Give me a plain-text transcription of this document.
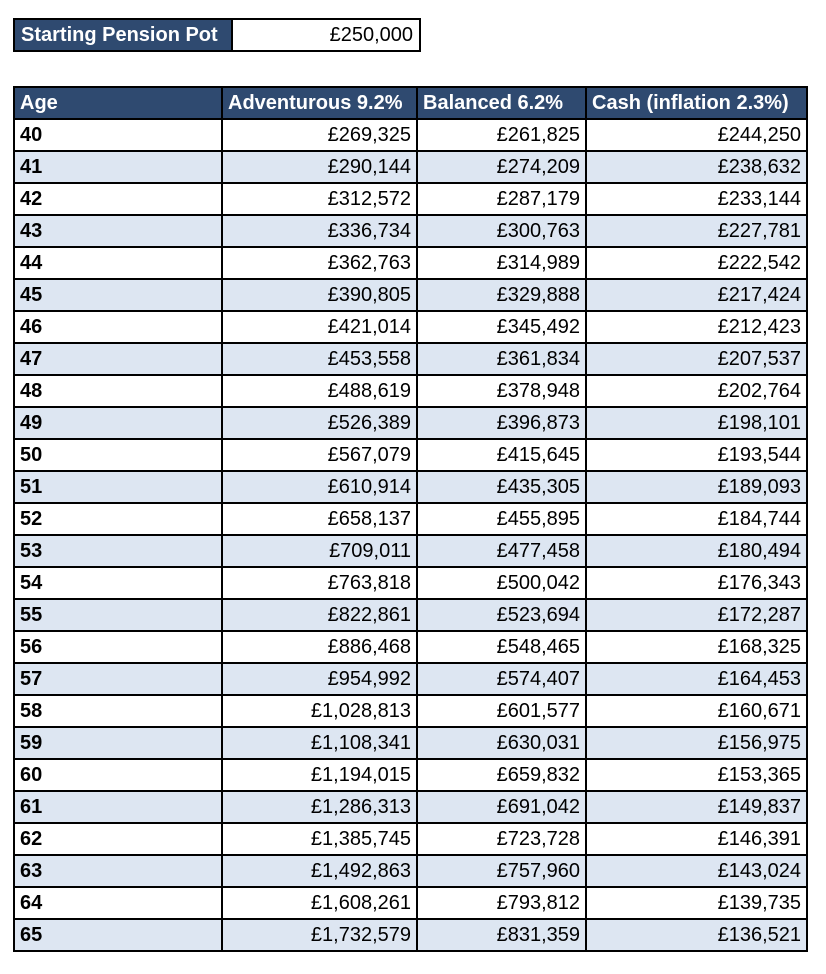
Starting Pension Pot	£250,000
Age	Adventurous 9.2%	Balanced 6.2%	Cash (inflation 2.3%)
40	£269,325	£261,825	£244,250
41	£290,144	£274,209	£238,632
42	£312,572	£287,179	£233,144
43	£336,734	£300,763	£227,781
44	£362,763	£314,989	£222,542
45	£390,805	£329,888	£217,424
46	£421,014	£345,492	£212,423
47	£453,558	£361,834	£207,537
48	£488,619	£378,948	£202,764
49	£526,389	£396,873	£198,101
50	£567,079	£415,645	£193,544
51	£610,914	£435,305	£189,093
52	£658,137	£455,895	£184,744
53	£709,011	£477,458	£180,494
54	£763,818	£500,042	£176,343
55	£822,861	£523,694	£172,287
56	£886,468	£548,465	£168,325
57	£954,992	£574,407	£164,453
58	£1,028,813	£601,577	£160,671
59	£1,108,341	£630,031	£156,975
60	£1,194,015	£659,832	£153,365
61	£1,286,313	£691,042	£149,837
62	£1,385,745	£723,728	£146,391
63	£1,492,863	£757,960	£143,024
64	£1,608,261	£793,812	£139,735
65	£1,732,579	£831,359	£136,521
